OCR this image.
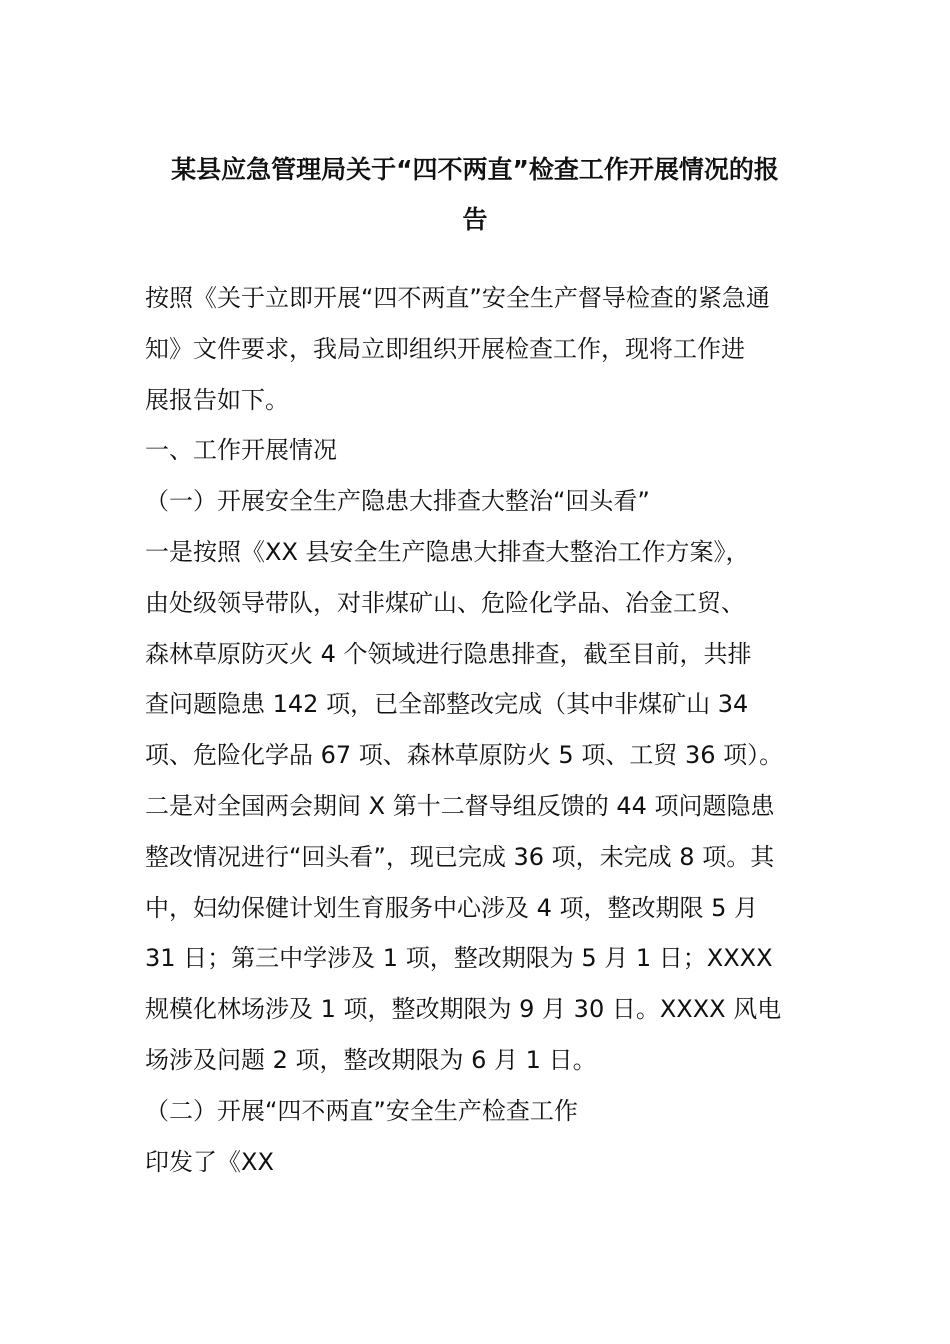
某县应急管理局关于“四不两直”检查工作开展情况的报
告
按照《关于立即开展“四不两直”安全生产督导检查的紧急通
知》文件要求，我局立即组织开展检查工作，现将工作进
展报告如下。
一、工作开展情况
（一）开展安全生产隐患大排查大整治“回头看”
一是按照《XX 县安全生产隐患大排查大整治工作方案》，
由处级领导带队，对非煤矿山、危险化学品、冶金工贸、
森林草原防灭火 4 个领域进行隐患排查，截至目前，共排
查问题隐患 142 项，已全部整改完成（其中非煤矿山 34
项、危险化学品 67 项、森林草原防火 5 项、工贸 36 项）。
二是对全国两会期间 X 第十二督导组反馈的 44 项问题隐患
整改情况进行“回头看”，现已完成 36 项，未完成 8 项。其
中，妇幼保健计划生育服务中心涉及 4 项，整改期限 5 月
31 日；第三中学涉及 1 项，整改期限为 5 月 1 日；XXXX
规模化林场涉及 1 项，整改期限为 9 月 30 日。XXXX 风电
场涉及问题 2 项，整改期限为 6 月 1 日。
（二）开展“四不两直”安全生产检查工作
印发了《XX
